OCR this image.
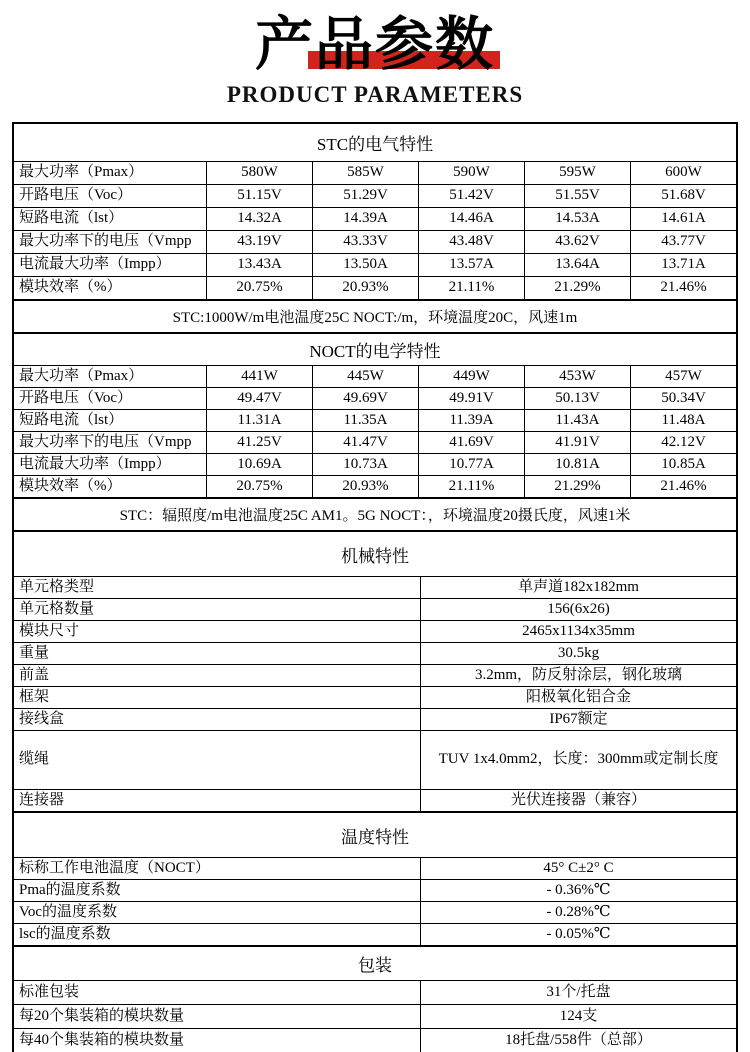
产品参数
PRODUCT PARAMETERS
STC的电气特性
最大功率（Pmax）	580W	585W	590W	595W	600W
开路电压（Voc）	51.15V	51.29V	51.42V	51.55V	51.68V
短路电流（lst）	14.32A	14.39A	14.46A	14.53A	14.61A
最大功率下的电压（Vmpp	43.19V	43.33V	43.48V	43.62V	43.77V
电流最大功率（Impp）	13.43A	13.50A	13.57A	13.64A	13.71A
模块效率（%）	20.75%	20.93%	21.11%	21.29%	21.46%
STC:1000W/m电池温度25C NOCT:/m，环境温度20C，风速1m
NOCT的电学特性
最大功率（Pmax）	441W	445W	449W	453W	457W
开路电压（Voc）	49.47V	49.69V	49.91V	50.13V	50.34V
短路电流（lst）	11.31A	11.35A	11.39A	11.43A	11.48A
最大功率下的电压（Vmpp	41.25V	41.47V	41.69V	41.91V	42.12V
电流最大功率（Impp）	10.69A	10.73A	10.77A	10.81A	10.85A
模块效率（%）	20.75%	20.93%	21.11%	21.29%	21.46%
STC：辐照度/m电池温度25C AM1。5G NOCT：，环境温度20摄氏度，风速1米
机械特性
单元格类型	单声道182x182mm
单元格数量	156(6x26)
模块尺寸	2465x1134x35mm
重量	30.5kg
前盖	3.2mm，防反射涂层，钢化玻璃
框架	阳极氧化铝合金
接线盒	IP67额定
缆绳	TUV 1x4.0mm2，长度：300mm或定制长度
连接器	光伏连接器（兼容）
温度特性
标称工作电池温度（NOCT）	45° C±2° C
Pma的温度系数	- 0.36%℃
Voc的温度系数	- 0.28%℃
lsc的温度系数	- 0.05%℃
包装
标准包装	31个/托盘
每20个集装箱的模块数量	124支
每40个集装箱的模块数量	18托盘/558件（总部）
